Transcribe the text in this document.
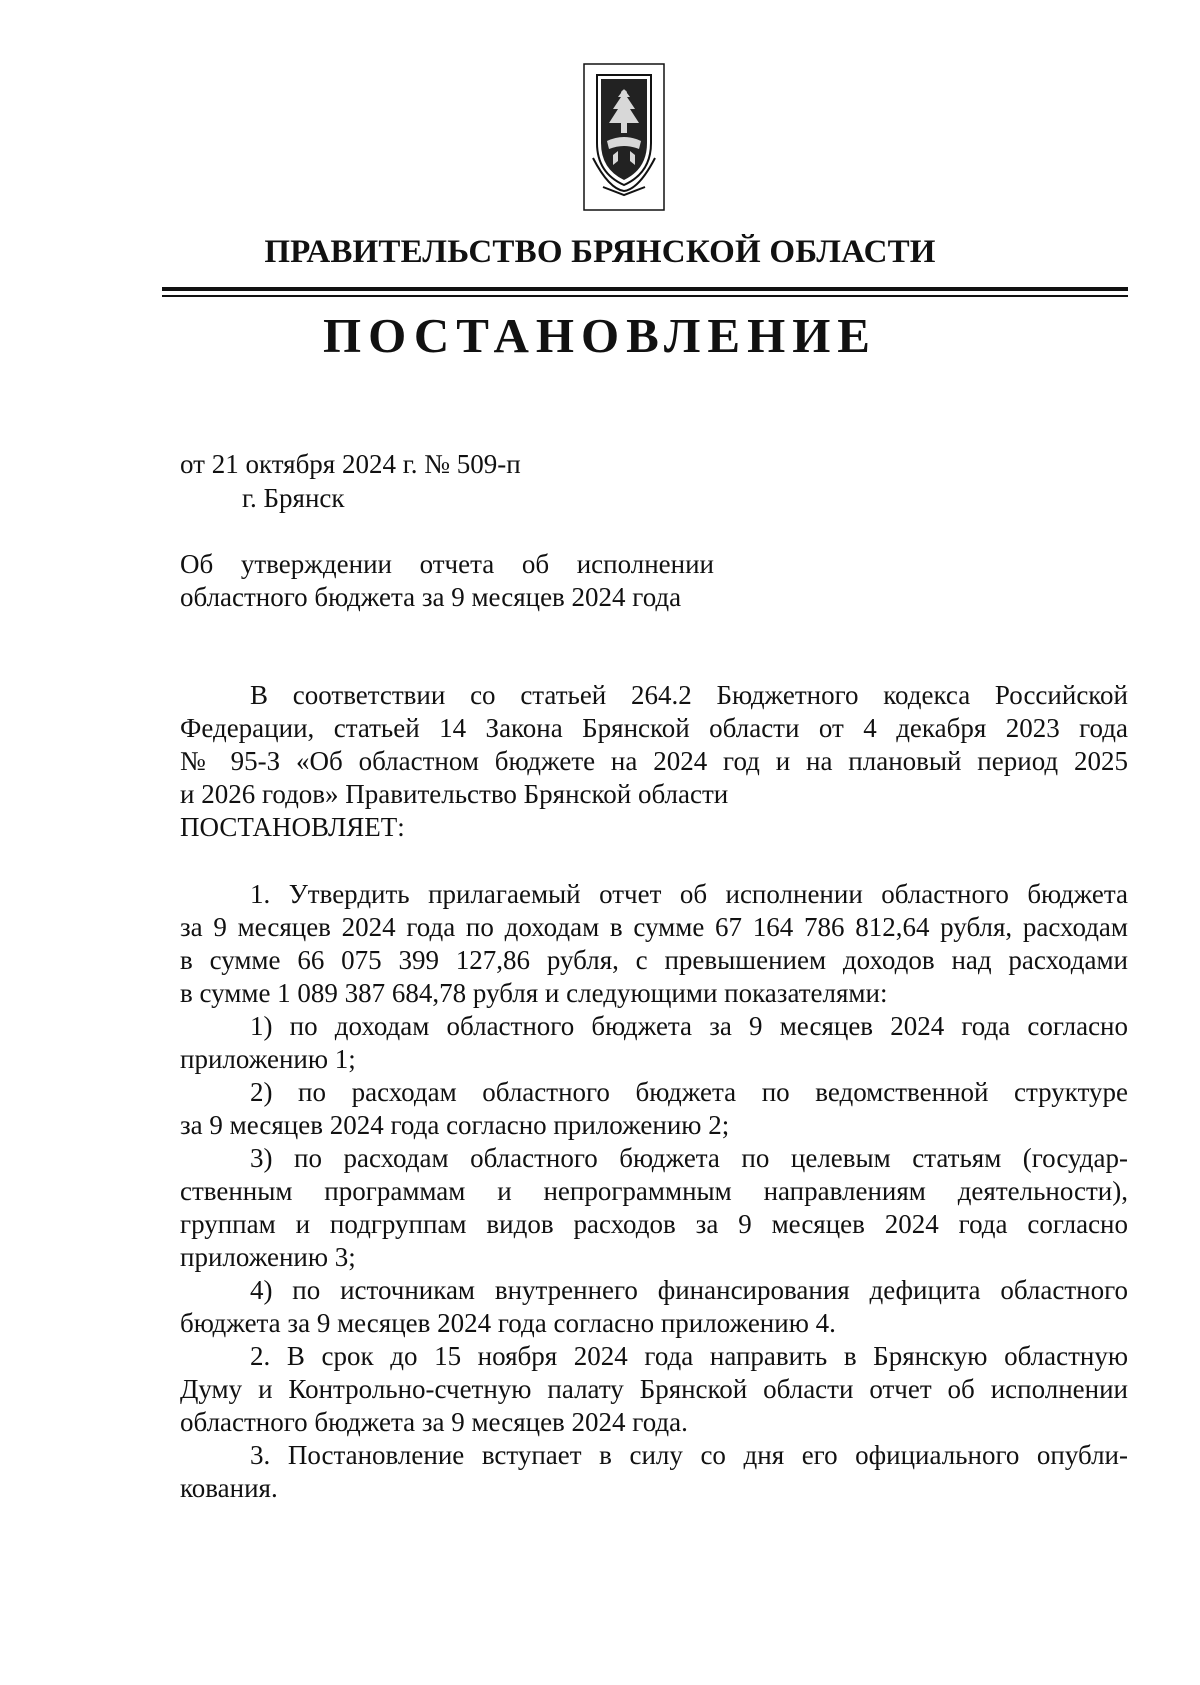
ПРАВИТЕЛЬСТВО БРЯНСКОЙ ОБЛАСТИ
ПОСТАНОВЛЕНИЕ
от 21 октября 2024 г. № 509-п
г. Брянск
Об утверждении отчета об исполнении
областного бюджета за 9 месяцев 2024 года
В соответствии со статьей 264.2 Бюджетного кодекса Российской
Федерации, статьей 14 Закона Брянской области от 4 декабря 2023 года
№ 95-З «Об областном бюджете на 2024 год и на плановый период 2025
и 2026 годов» Правительство Брянской области
ПОСТАНОВЛЯЕТ:
1. Утвердить прилагаемый отчет об исполнении областного бюджета
за 9 месяцев 2024 года по доходам в сумме 67 164 786 812,64 рубля, расходам
в сумме 66 075 399 127,86 рубля, с превышением доходов над расходами
в сумме 1 089 387 684,78 рубля и следующими показателями:
1) по доходам областного бюджета за 9 месяцев 2024 года согласно
приложению 1;
2) по расходам областного бюджета по ведомственной структуре
за 9 месяцев 2024 года согласно приложению 2;
3) по расходам областного бюджета по целевым статьям (государ-
ственным программам и непрограммным направлениям деятельности),
группам и подгруппам видов расходов за 9 месяцев 2024 года согласно
приложению 3;
4) по источникам внутреннего финансирования дефицита областного
бюджета за 9 месяцев 2024 года согласно приложению 4.
2. В срок до 15 ноября 2024 года направить в Брянскую областную
Думу и Контрольно-счетную палату Брянской области отчет об исполнении
областного бюджета за 9 месяцев 2024 года.
3. Постановление вступает в силу со дня его официального опубли-
кования.
